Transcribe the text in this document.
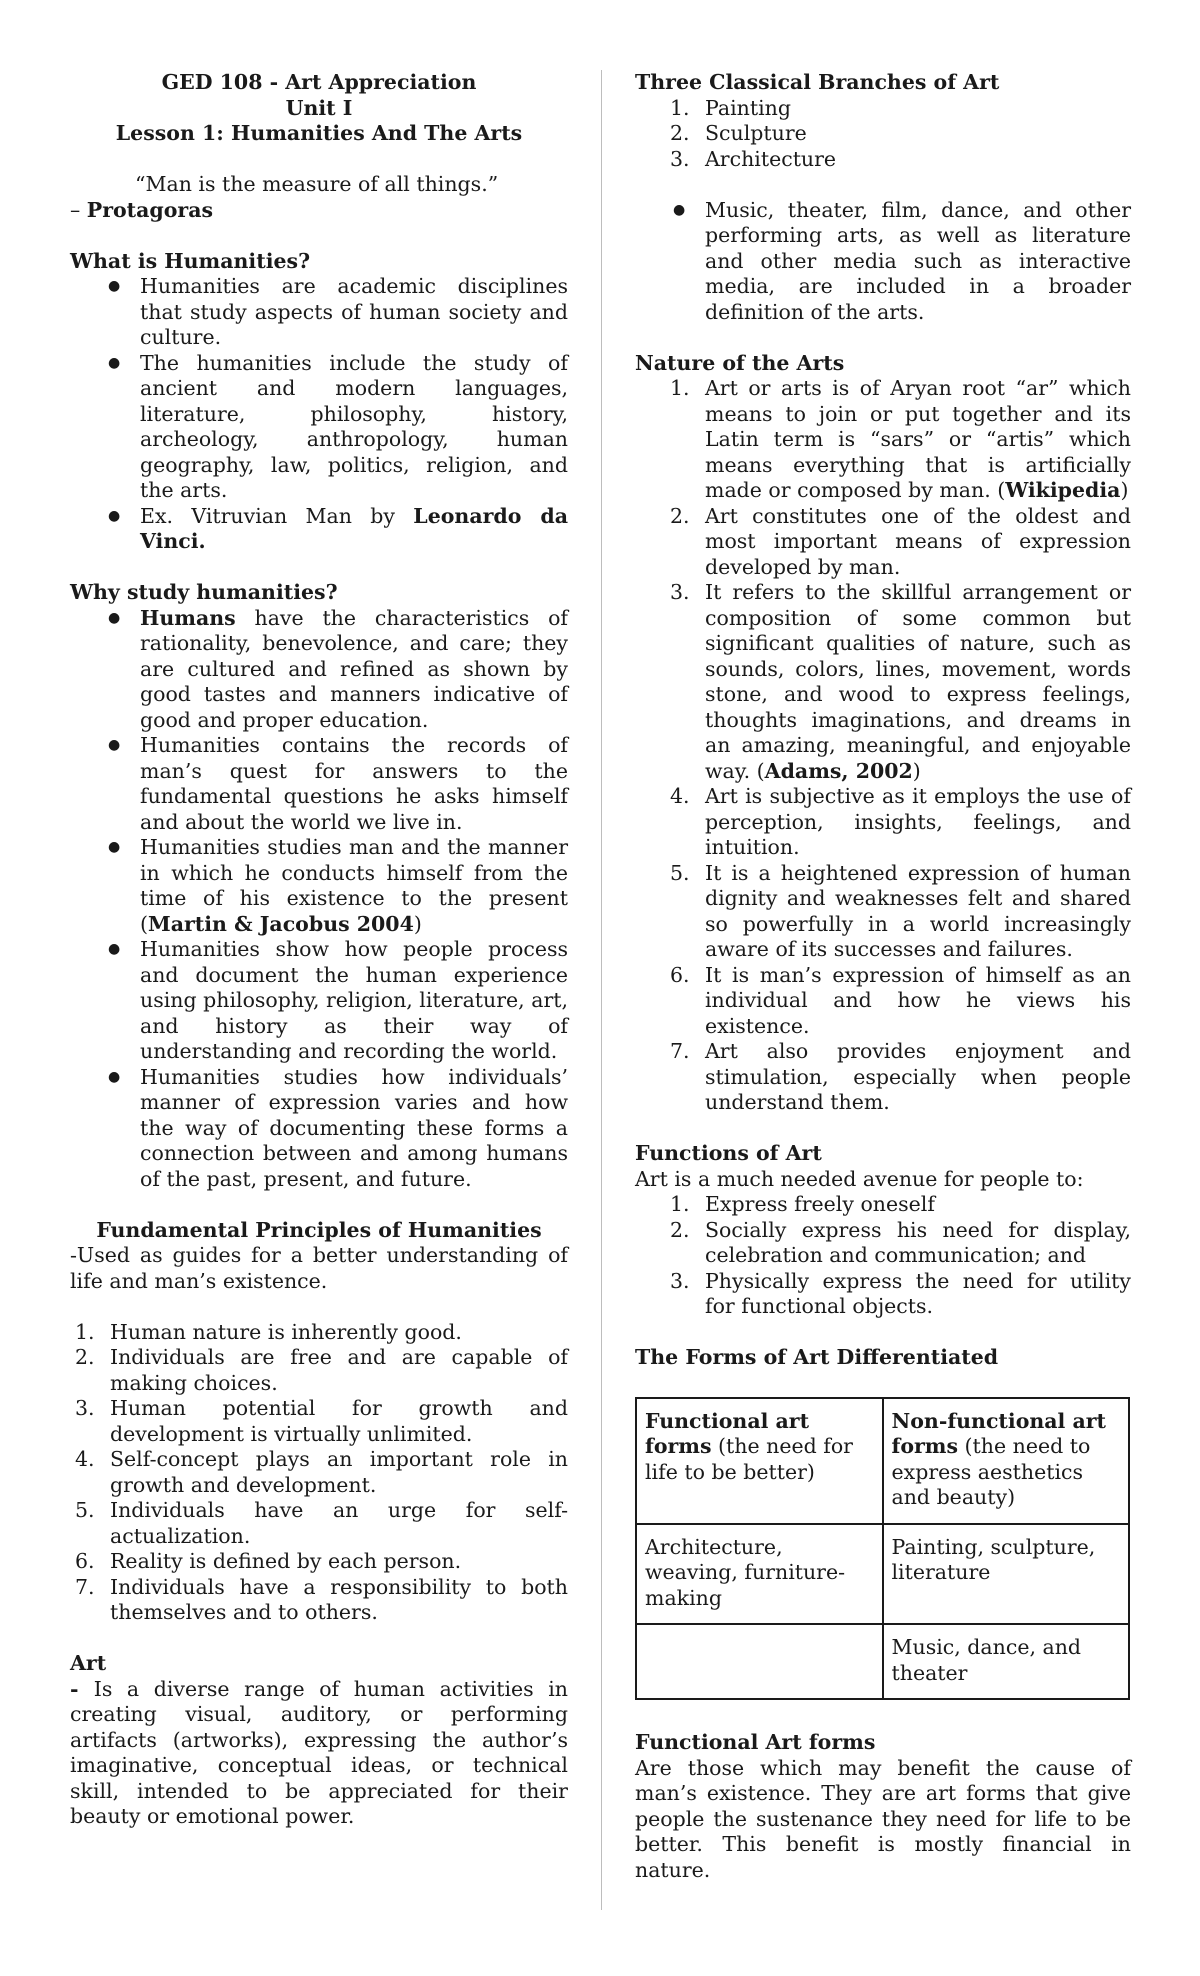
GED 108 - Art Appreciation
Unit I
Lesson 1: Humanities And The Arts
“Man is the measure of all things.”
– Protagoras
What is Humanities?
● Humanities are academic disciplines that study aspects of human society and culture.
● The humanities include the study of ancient and modern languages, literature, philosophy, history, archeology, anthropology, human geography, law, politics, religion, and the arts.
● Ex. Vitruvian Man by Leonardo da Vinci.
Why study humanities?
● Humans have the characteristics of rationality, benevolence, and care; they are cultured and refined as shown by good tastes and manners indicative of good and proper education.
● Humanities contains the records of man’s quest for answers to the fundamental questions he asks himself and about the world we live in.
● Humanities studies man and the manner in which he conducts himself from the time of his existence to the present (Martin & Jacobus 2004)
● Humanities show how people process and document the human experience using philosophy, religion, literature, art, and history as their way of understanding and recording the world.
● Humanities studies how individuals’ manner of expression varies and how the way of documenting these forms a connection between and among humans of the past, present, and future.
Fundamental Principles of Humanities
-Used as guides for a better understanding of life and man’s existence.
1. Human nature is inherently good.
2. Individuals are free and are capable of making choices.
3. Human potential for growth and development is virtually unlimited.
4. Self-concept plays an important role in growth and development.
5. Individuals have an urge for self-actualization.
6. Reality is defined by each person.
7. Individuals have a responsibility to both themselves and to others.
Art
- Is a diverse range of human activities in creating visual, auditory, or performing artifacts (artworks), expressing the author’s imaginative, conceptual ideas, or technical skill, intended to be appreciated for their beauty or emotional power.
Three Classical Branches of Art
1. Painting
2. Sculpture
3. Architecture
● Music, theater, film, dance, and other performing arts, as well as literature and other media such as interactive media, are included in a broader definition of the arts.
Nature of the Arts
1. Art or arts is of Aryan root “ar” which means to join or put together and its Latin term is “sars” or “artis” which means everything that is artificially made or composed by man. (Wikipedia)
2. Art constitutes one of the oldest and most important means of expression developed by man.
3. It refers to the skillful arrangement or composition of some common but significant qualities of nature, such as sounds, colors, lines, movement, words stone, and wood to express feelings, thoughts imaginations, and dreams in an amazing, meaningful, and enjoyable way. (Adams, 2002)
4. Art is subjective as it employs the use of perception, insights, feelings, and intuition.
5. It is a heightened expression of human dignity and weaknesses felt and shared so powerfully in a world increasingly aware of its successes and failures.
6. It is man’s expression of himself as an individual and how he views his existence.
7. Art also provides enjoyment and stimulation, especially when people understand them.
Functions of Art
Art is a much needed avenue for people to:
1. Express freely oneself
2. Socially express his need for display, celebration and communication; and
3. Physically express the need for utility for functional objects.
The Forms of Art Differentiated
Functional art forms (the need for life to be better)	Non-functional art forms (the need to express aesthetics and beauty)
Architecture, weaving, furniture-making	Painting, sculpture, literature
	Music, dance, and theater
Functional Art forms
Are those which may benefit the cause of man’s existence. They are art forms that give people the sustenance they need for life to be better. This benefit is mostly financial in nature.
